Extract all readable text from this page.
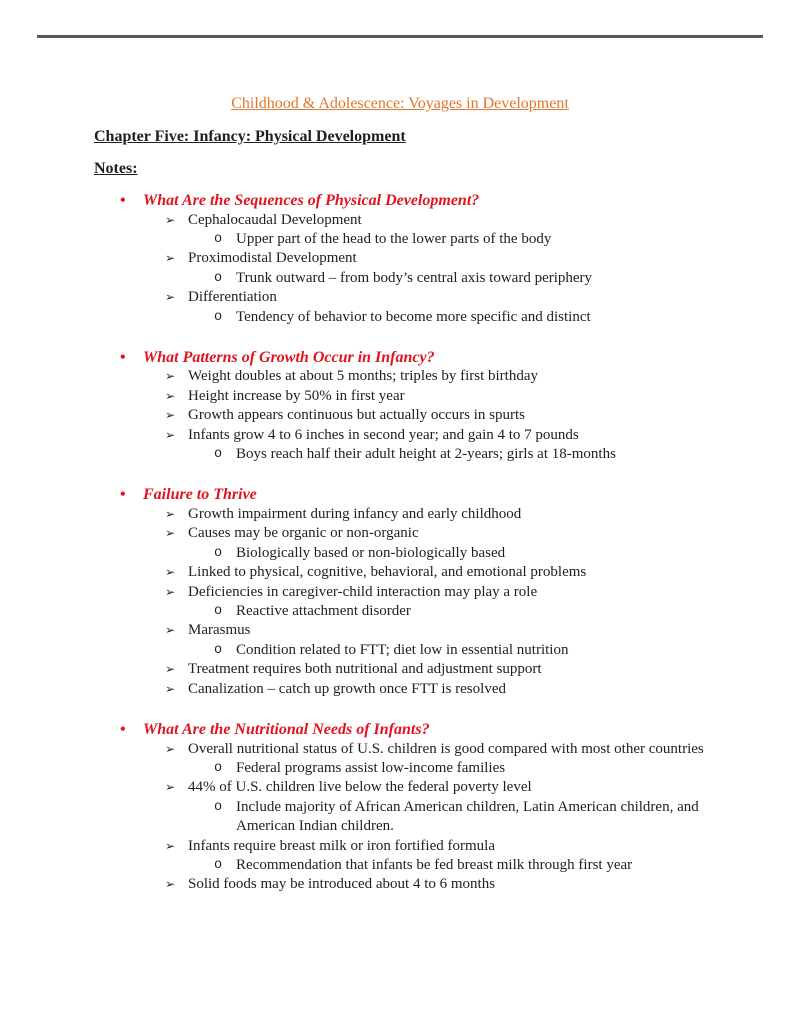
Childhood & Adolescence: Voyages in Development
Chapter Five: Infancy: Physical Development
Notes:
•	What Are the Sequences of Physical Development?
➢ Cephalocaudal Development
o Upper part of the head to the lower parts of the body
➢ Proximodistal Development
o Trunk outward – from body’s central axis toward periphery
➢ Differentiation
o Tendency of behavior to become more specific and distinct
•	What Patterns of Growth Occur in Infancy?
➢ Weight doubles at about 5 months; triples by first birthday
➢ Height increase by 50% in first year
➢ Growth appears continuous but actually occurs in spurts
➢ Infants grow 4 to 6 inches in second year; and gain 4 to 7 pounds
o Boys reach half their adult height at 2-years; girls at 18-months
•	Failure to Thrive
➢ Growth impairment during infancy and early childhood
➢ Causes may be organic or non-organic
o Biologically based or non-biologically based
➢ Linked to physical, cognitive, behavioral, and emotional problems
➢ Deficiencies in caregiver-child interaction may play a role
o Reactive attachment disorder
➢ Marasmus
o Condition related to FTT; diet low in essential nutrition
➢ Treatment requires both nutritional and adjustment support
➢ Canalization – catch up growth once FTT is resolved
•	What Are the Nutritional Needs of Infants?
➢ Overall nutritional status of U.S. children is good compared with most other countries
o Federal programs assist low-income families
➢ 44% of U.S. children live below the federal poverty level
o Include majority of African American children, Latin American children, and American Indian children.
➢ Infants require breast milk or iron fortified formula
o Recommendation that infants be fed breast milk through first year
➢ Solid foods may be introduced about 4 to 6 months
